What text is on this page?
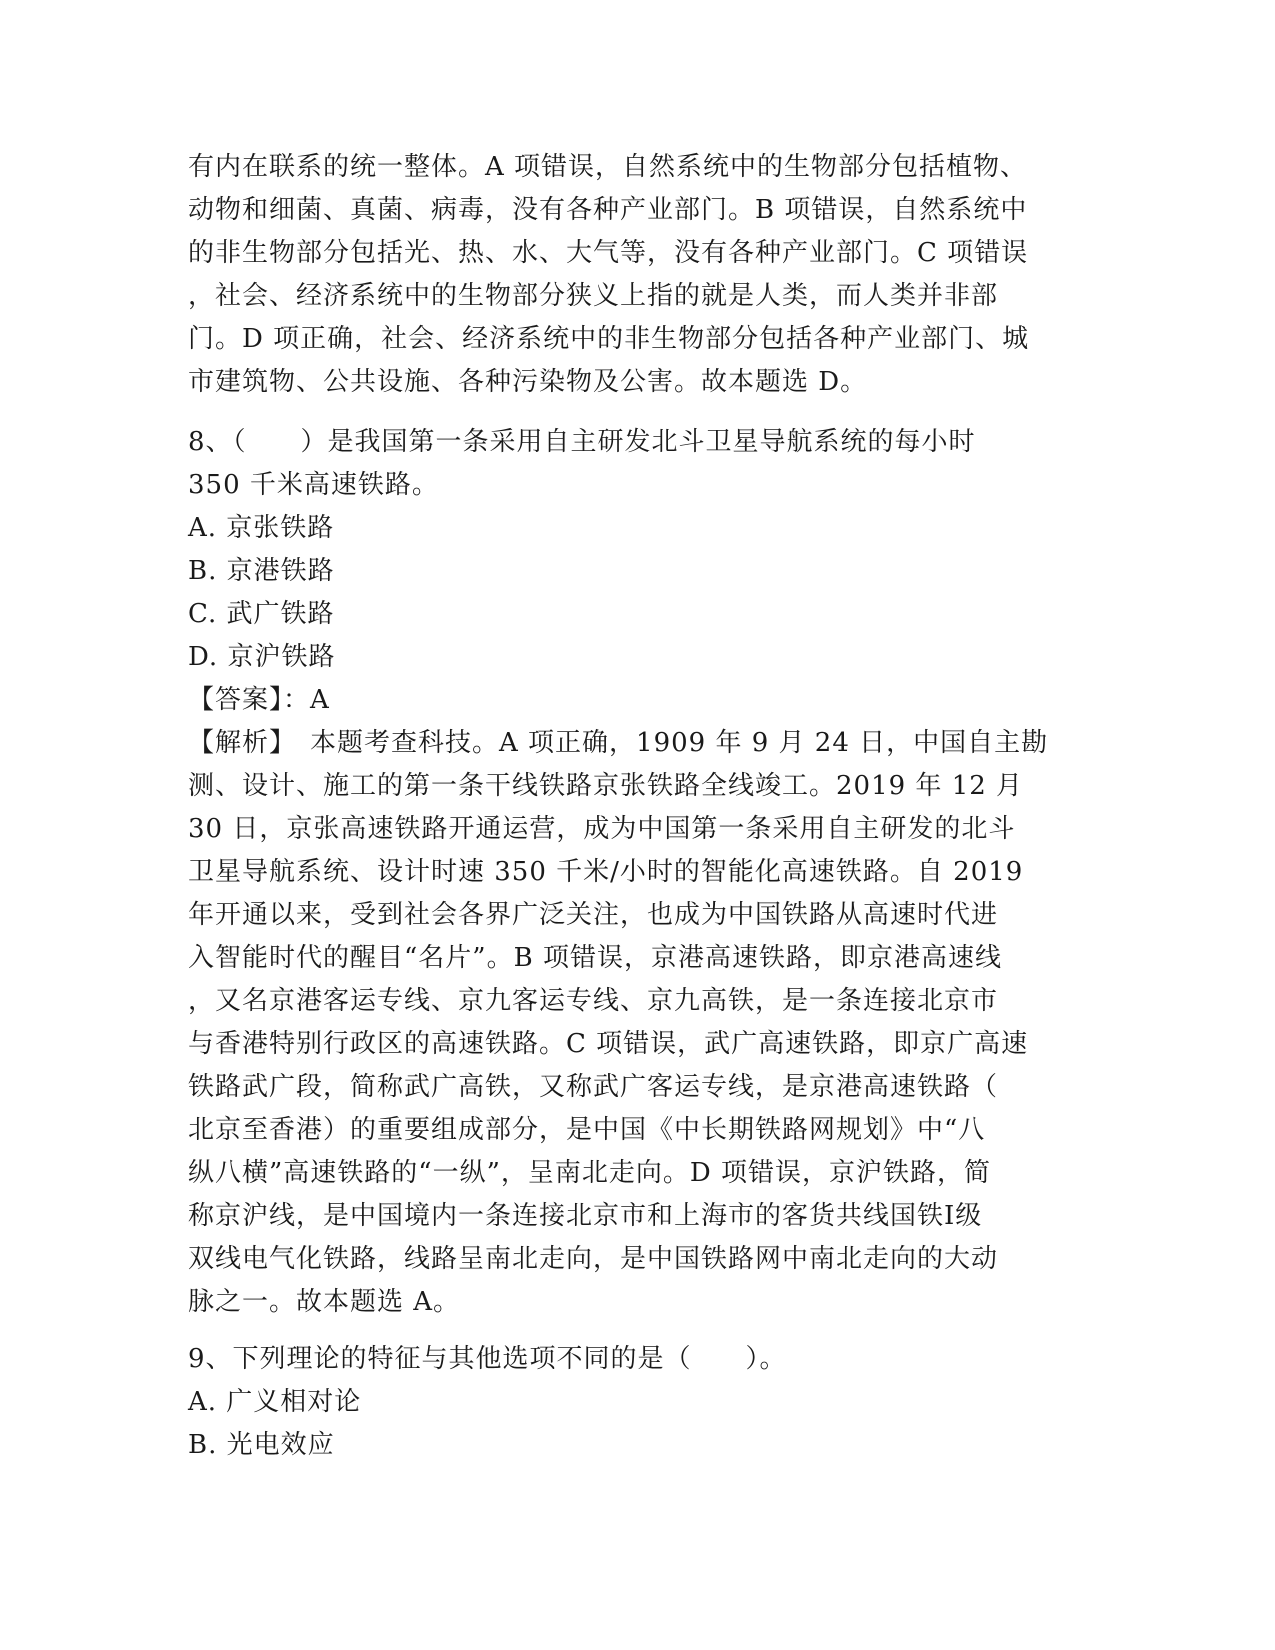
有内在联系的统一整体。A 项错误，自然系统中的生物部分包括植物、
动物和细菌、真菌、病毒，没有各种产业部门。B 项错误，自然系统中
的非生物部分包括光、热、水、大气等，没有各种产业部门。C 项错误
，社会、经济系统中的生物部分狭义上指的就是人类，而人类并非部
门。D 项正确，社会、经济系统中的非生物部分包括各种产业部门、城
市建筑物、公共设施、各种污染物及公害。故本题选 D。
8、（　　）是我国第一条采用自主研发北斗卫星导航系统的每小时
350 千米高速铁路。
A. 京张铁路
B. 京港铁路
C. 武广铁路
D. 京沪铁路
【答案】：A
【解析】　本题考查科技。A 项正确，1909 年 9 月 24 日，中国自主勘
测、设计、施工的第一条干线铁路京张铁路全线竣工。2019 年 12 月
30 日，京张高速铁路开通运营，成为中国第一条采用自主研发的北斗
卫星导航系统、设计时速 350 千米/小时的智能化高速铁路。自 2019
年开通以来，受到社会各界广泛关注，也成为中国铁路从高速时代进
入智能时代的醒目“名片”。B 项错误，京港高速铁路，即京港高速线
，又名京港客运专线、京九客运专线、京九高铁，是一条连接北京市
与香港特别行政区的高速铁路。C 项错误，武广高速铁路，即京广高速
铁路武广段，简称武广高铁，又称武广客运专线，是京港高速铁路（
北京至香港）的重要组成部分，是中国《中长期铁路网规划》中“八
纵八横”高速铁路的“一纵”，呈南北走向。D 项错误，京沪铁路，简
称京沪线，是中国境内一条连接北京市和上海市的客货共线国铁Ⅰ级
双线电气化铁路，线路呈南北走向，是中国铁路网中南北走向的大动
脉之一。故本题选 A。
9、下列理论的特征与其他选项不同的是（　　）。
A. 广义相对论
B. 光电效应
